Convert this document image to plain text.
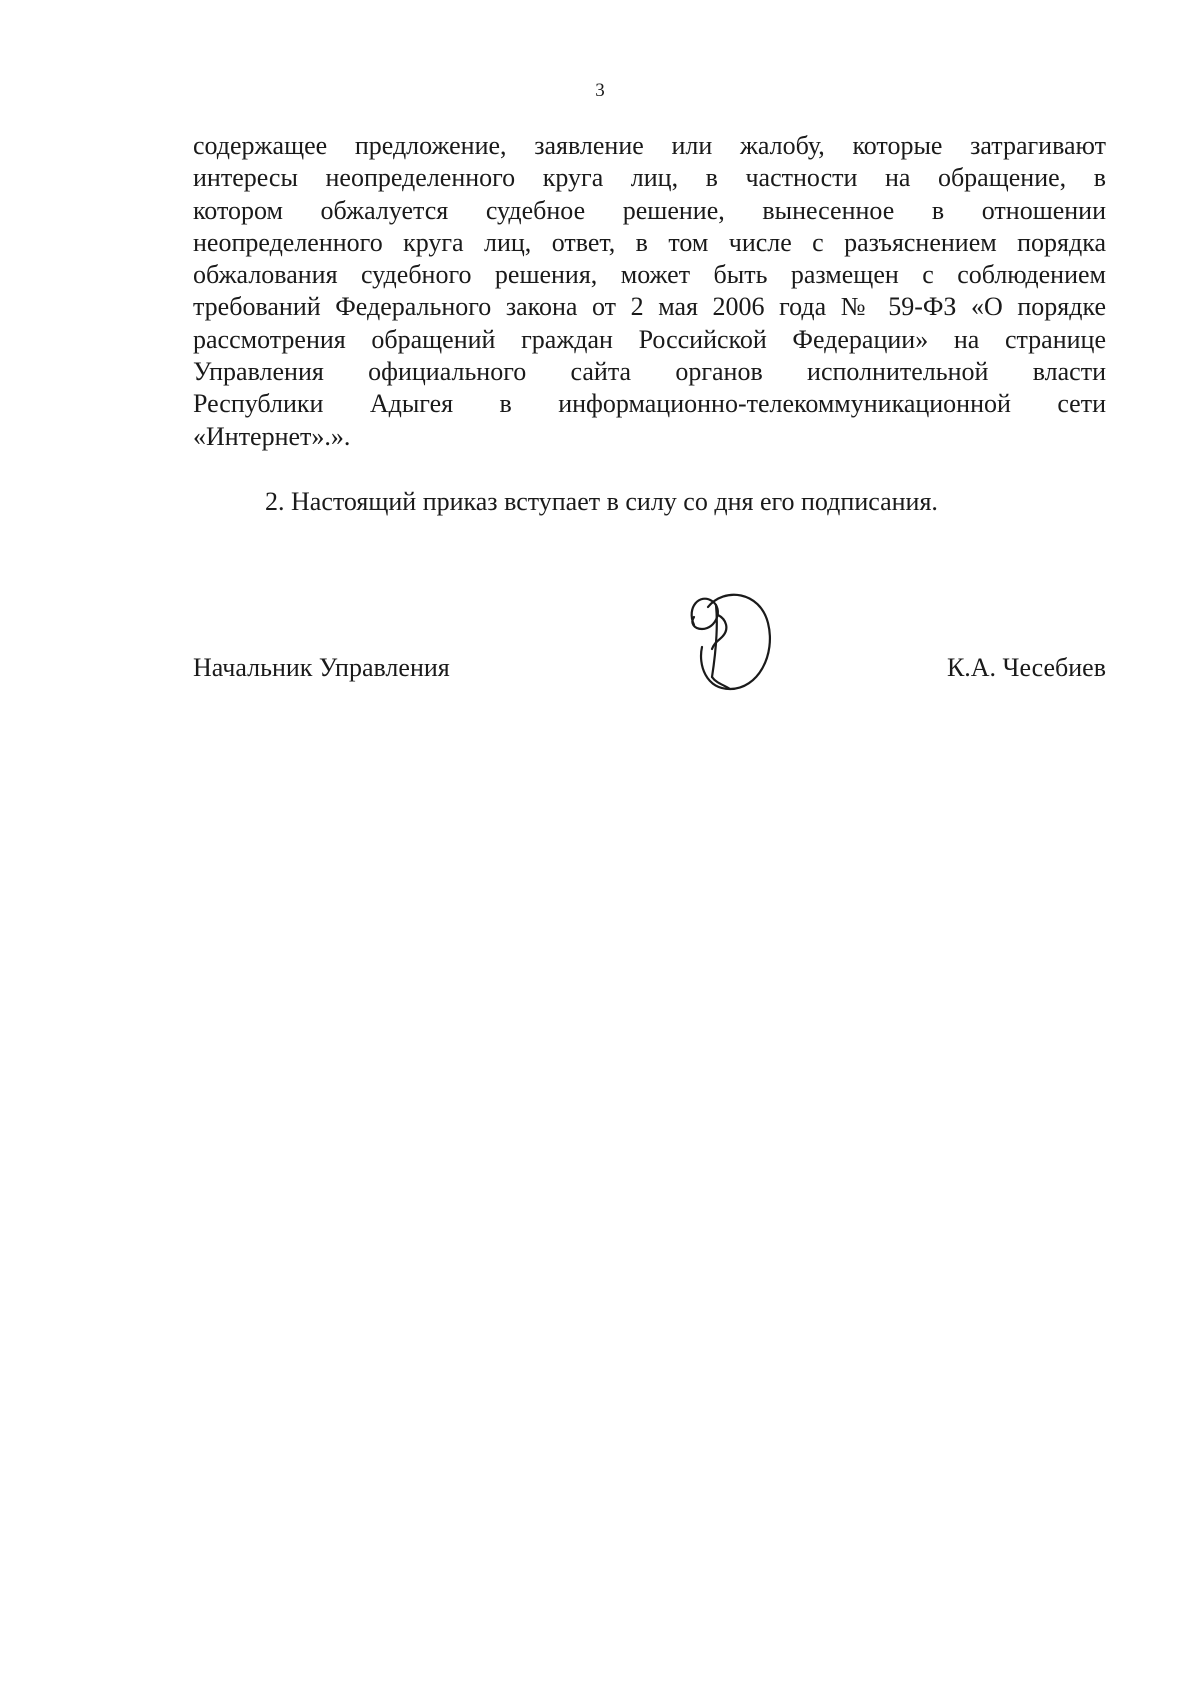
3
содержащее предложение, заявление или жалобу, которые затрагивают
интересы неопределенного круга лиц, в частности на обращение, в
котором обжалуется судебное решение, вынесенное в отношении
неопределенного круга лиц, ответ, в том числе с разъяснением порядка
обжалования судебного решения, может быть размещен с соблюдением
требований Федерального закона от 2 мая 2006 года № 59-ФЗ «О порядке
рассмотрения обращений граждан Российской Федерации» на странице
Управления официального сайта органов исполнительной власти
Республики Адыгея в информационно-телекоммуникационной сети
«Интернет».».
2. Настоящий приказ вступает в силу со дня его подписания.
Начальник Управления	К.А. Чесебиев
